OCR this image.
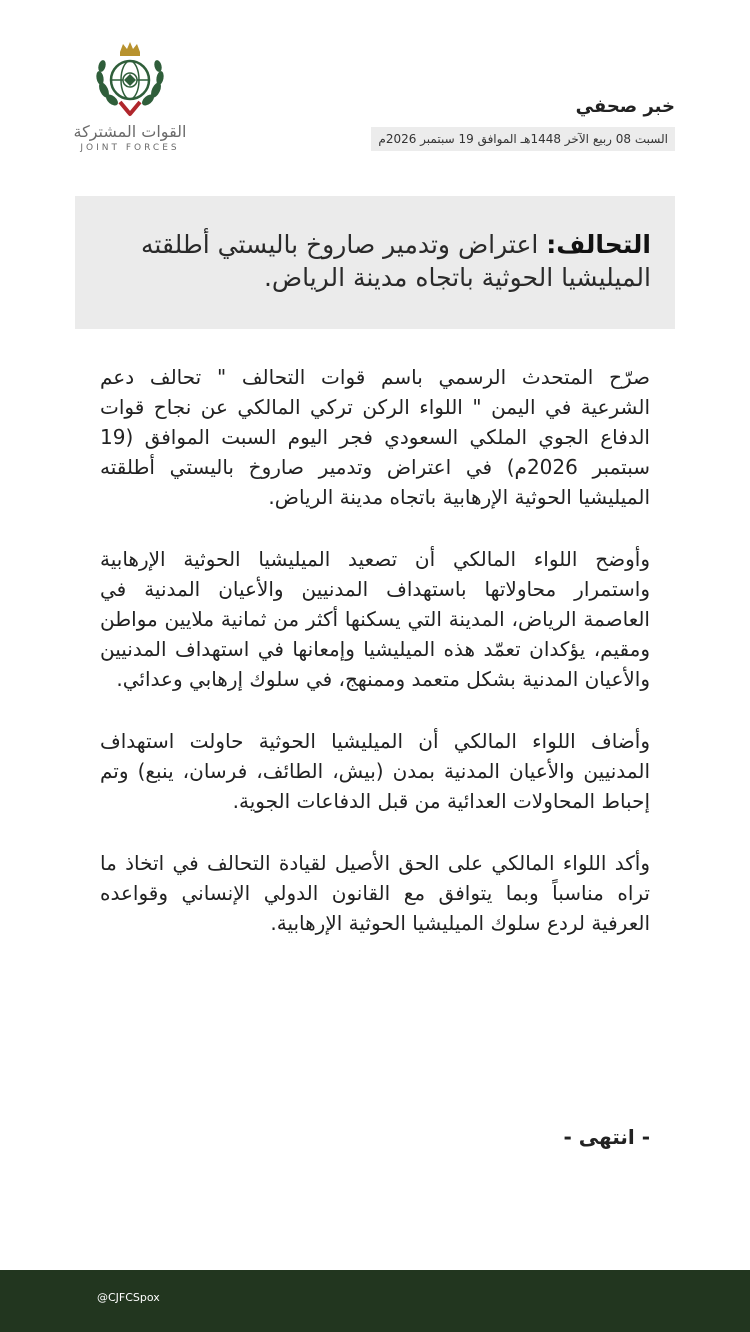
القوات المشتركة
JOINT FORCES
خبر صحفي
السبت 08 ربيع الآخر 1448هـ الموافق 19 سبتمبر 2026م

التحالف: اعتراض وتدمير صاروخ باليستي أطلقته الميليشيا الحوثية باتجاه مدينة الرياض.

صرّح المتحدث الرسمي باسم قوات التحالف " تحالف دعم الشرعية في اليمن " اللواء الركن تركي المالكي عن نجاح قوات الدفاع الجوي الملكي السعودي فجر اليوم السبت الموافق (19 سبتمبر 2026م) في اعتراض وتدمير صاروخ باليستي أطلقته الميليشيا الحوثية الإرهابية باتجاه مدينة الرياض.

وأوضح اللواء المالكي أن تصعيد الميليشيا الحوثية الإرهابية واستمرار محاولاتها باستهداف المدنيين والأعيان المدنية في العاصمة الرياض، المدينة التي يسكنها أكثر من ثمانية ملايين مواطن ومقيم، يؤكدان تعمّد هذه الميليشيا وإمعانها في استهداف المدنيين والأعيان المدنية بشكل متعمد وممنهج، في سلوك إرهابي وعدائي.

وأضاف اللواء المالكي أن الميليشيا الحوثية حاولت استهداف المدنيين والأعيان المدنية بمدن (بيش، الطائف، فرسان، ينبع) وتم إحباط المحاولات العدائية من قبل الدفاعات الجوية.

وأكد اللواء المالكي على الحق الأصيل لقيادة التحالف في اتخاذ ما تراه مناسباً وبما يتوافق مع القانون الدولي الإنساني وقواعده العرفية لردع سلوك الميليشيا الحوثية الإرهابية.

- انتهى -
@CJFCSpox
